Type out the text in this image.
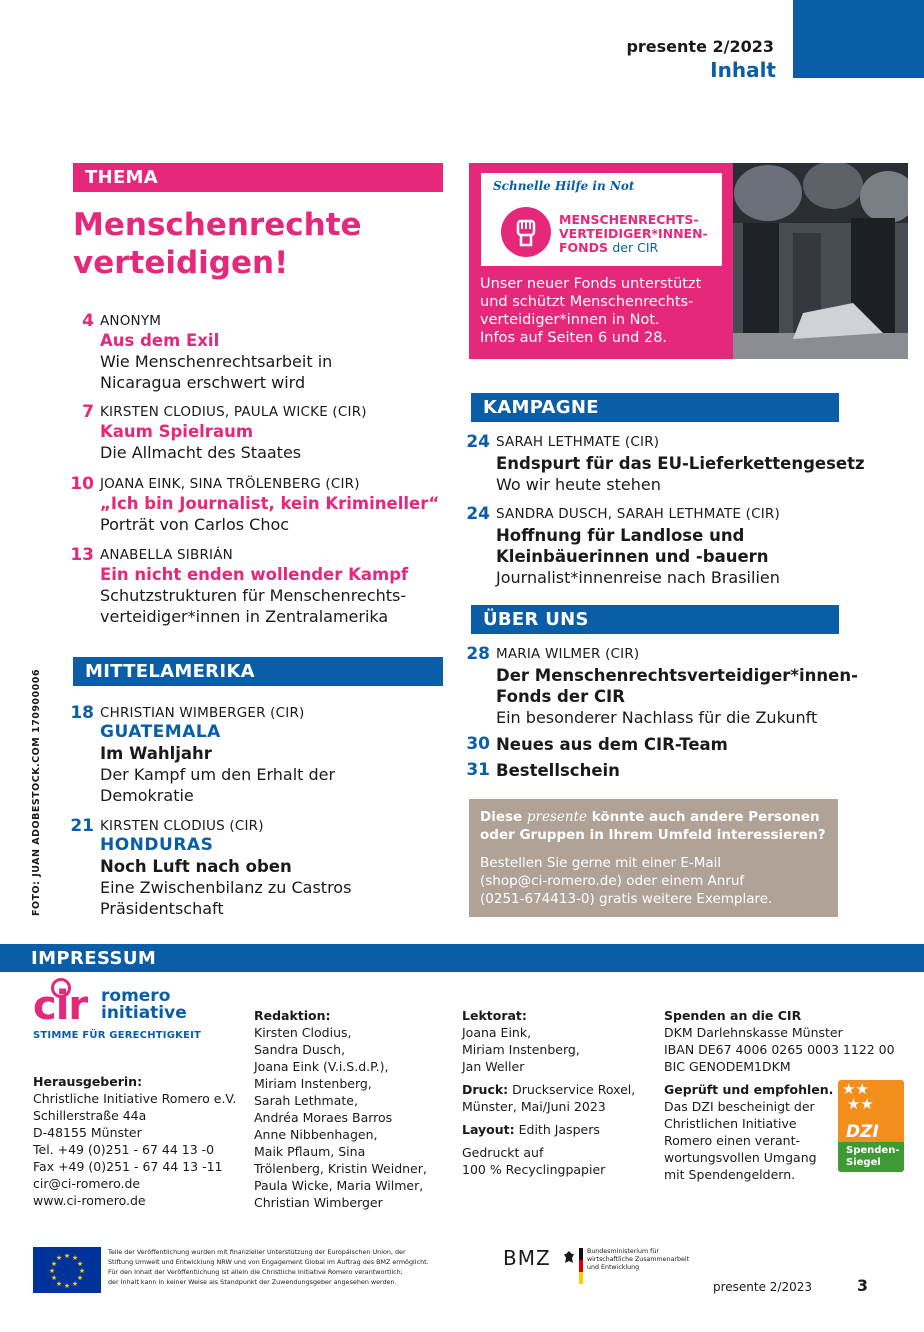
presente 2/2023
Inhalt
THEMA
Menschenrechte
verteidigen!
4 ANONYM
Aus dem Exil
Wie Menschenrechtsarbeit in
Nicaragua erschwert wird
7 KIRSTEN CLODIUS, PAULA WICKE (CIR)
Kaum Spielraum
Die Allmacht des Staates
10 JOANA EINK, SINA TRÖLENBERG (CIR)
„Ich bin Journalist, kein Krimineller“
Porträt von Carlos Choc
13 ANABELLA SIBRIÁN
Ein nicht enden wollender Kampf
Schutzstrukturen für Menschenrechts-
verteidiger*innen in Zentralamerika
MITTELAMERIKA
18 CHRISTIAN WIMBERGER (CIR)
GUATEMALA
Im Wahljahr
Der Kampf um den Erhalt der
Demokratie
21 KIRSTEN CLODIUS (CIR)
HONDURAS
Noch Luft nach oben
Eine Zwischenbilanz zu Castros
Präsidentschaft
FOTO: JUAN ADOBESTOCK.COM 170900006
Schnelle Hilfe in Not
MENSCHENRECHTS-
VERTEIDIGER*INNEN-
FONDS der CIR
Unser neuer Fonds unterstützt
und schützt Menschenrechts-
verteidiger*innen in Not.
Infos auf Seiten 6 und 28.
KAMPAGNE
24 SARAH LETHMATE (CIR)
Endspurt für das EU-Lieferkettengesetz
Wo wir heute stehen
24 SANDRA DUSCH, SARAH LETHMATE (CIR)
Hoffnung für Landlose und
Kleinbäuerinnen und -bauern
Journalist*innenreise nach Brasilien
ÜBER UNS
28 MARIA WILMER (CIR)
Der Menschenrechtsverteidiger*innen-
Fonds der CIR
Ein besonderer Nachlass für die Zukunft
30 Neues aus dem CIR-Team
31 Bestellschein

Diese presente könnte auch andere Personen

oder Gruppen in Ihrem Umfeld interessieren?

Bestellen Sie gerne mit einer E-Mail

(shop@ci-romero.de) oder einem Anruf

(0251-674413-0) gratis weitere Exemplare.

IMPRESSUM
cir romero
initiative
STIMME FÜR GERECHTIGKEIT
Herausgeberin:
Christliche Initiative Romero e.V.
Schillerstraße 44a
D-48155 Münster
Tel. +49 (0)251 - 67 44 13 -0
Fax +49 (0)251 - 67 44 13 -11
cir@ci-romero.de
www.ci-romero.de
Redaktion:
Kirsten Clodius,
Sandra Dusch,
Joana Eink (V.i.S.d.P.),
Miriam Instenberg,
Sarah Lethmate,
Andréa Moraes Barros
Anne Nibbenhagen,
Maik Pflaum, Sina
Trölenberg, Kristin Weidner,
Paula Wicke, Maria Wilmer,
Christian Wimberger
Lektorat:
Joana Eink,
Miriam Instenberg,
Jan Weller
Druck: Druckservice Roxel,
Münster, Mai/Juni 2023
Layout: Edith Jaspers
Gedruckt auf
100 % Recyclingpapier
Spenden an die CIR
DKM Darlehnskasse Münster
IBAN DE67 4006 0265 0003 1122 00
BIC GENODEM1DKM
Geprüft und empfohlen.
Das DZI bescheinigt der
Christlichen Initiative
Romero einen verant-
wortungsvollen Umgang
mit Spendengeldern.
★★
★★
DZI
Spenden-
Siegel
★ ★
★
★
★
★
★
★
★
★
★
★
Teile der Veröffentlichung wurden mit finanzieller Unterstützung der Europäischen Union, der
Stiftung Umwelt und Entwicklung NRW und von Engagement Global im Auftrag des BMZ ermöglicht.
Für den Inhalt der Veröffentlichung ist allein die Christliche Initiative Romero verantwortlich;
der Inhalt kann in keiner Weise als Standpunkt der Zuwendungsgeber angesehen werden.
BMZ	Bundesministerium für
wirtschaftliche Zusammenarbeit
und Entwicklung
presente 2/2023	3
